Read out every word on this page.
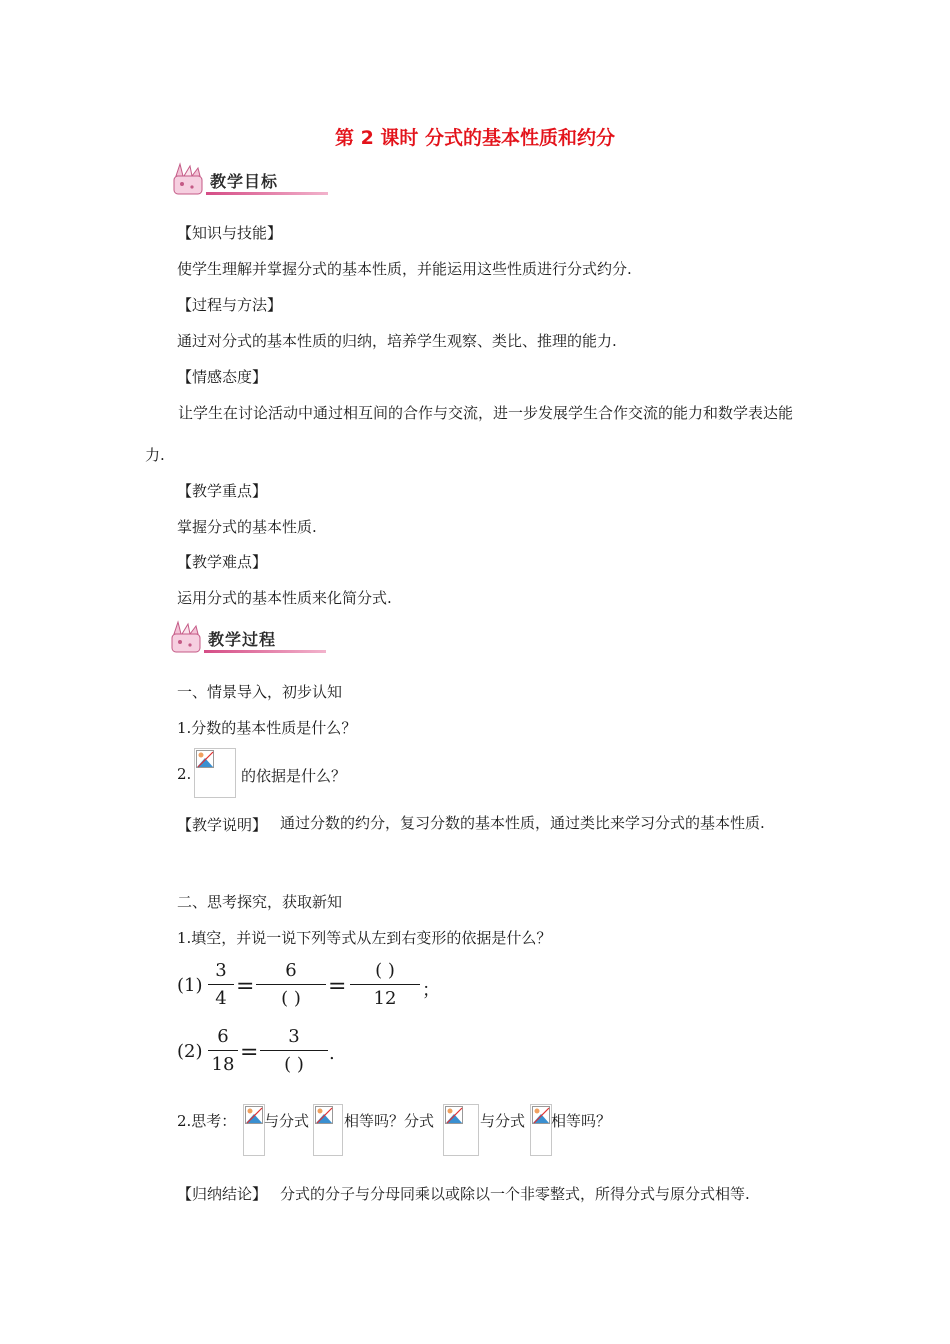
第 2 课时 分式的基本性质和约分
教学目标
【知识与技能】
使学生理解并掌握分式的基本性质，并能运用这些性质进行分式约分.
【过程与方法】
通过对分式的基本性质的归纳，培养学生观察、类比、推理的能力.
【情感态度】
让学生在讨论活动中通过相互间的合作与交流，进一步发展学生合作交流的能力和数学表达能力.
【教学重点】
掌握分式的基本性质.
【教学难点】
运用分式的基本性质来化简分式.
教学过程
一、情景导入，初步认知
1.分数的基本性质是什么？
2.	的依据是什么？
【教学说明】 通过分数的约分，复习分数的基本性质，通过类比来学习分式的基本性质.
二、思考探究，获取新知
1.填空，并说一说下列等式从左到右变形的依据是什么？
(1)
3
4 =
6
( )	=
( )
12	；
(2)
6
18 =
3
( )
.
2.思考： 与分式 相等吗？分式	与分式 相等吗？
【归纳结论】 分式的分子与分母同乘以或除以一个非零整式，所得分式与原分式相等.
